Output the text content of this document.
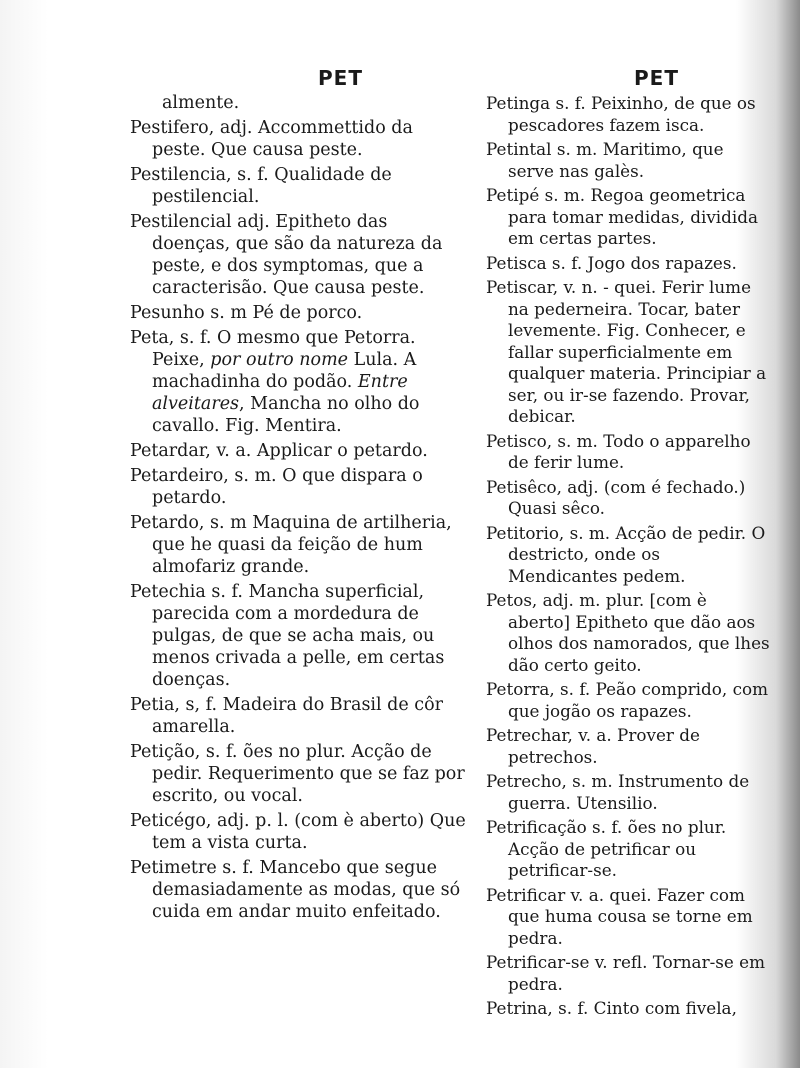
PET
almente.
Pestifero, adj. Accommettido da peste. Que causa peste.
Pestilencia, s. f. Qualidade de pestilencial.
Pestilencial adj. Epitheto das doenças, que são da natureza da peste, e dos symptomas, que a caracterisão. Que causa peste.
Pesunho s. m Pé de porco.
Peta, s. f. O mesmo que Petorra. Peixe, por outro nome Lula. A machadinha do podão. Entre alveitares, Mancha no olho do cavallo. Fig. Mentira.
Petardar, v. a. Applicar o petardo.
Petardeiro, s. m. O que dispara o petardo.
Petardo, s. m Maquina de artilheria, que he quasi da feição de hum almofariz grande.
Petechia s. f. Mancha superficial, parecida com a mordedura de pulgas, de que se acha mais, ou menos crivada a pelle, em certas doenças.
Petia, s, f. Madeira do Brasil de côr amarella.
Petição, s. f. ões no plur. Acção de pedir. Requerimento que se faz por escrito, ou vocal.
Peticégo, adj. p. l. (com è aberto) Que tem a vista curta.
Petimetre s. f. Mancebo que segue demasiadamente as modas, que só cuida em andar muito enfeitado.
PET
Petinga s. f. Peixinho, de que os pescadores fazem isca.
Petintal s. m. Maritimo, que serve nas galès.
Petipé s. m. Regoa geometrica para tomar medidas, dividida em certas partes.
Petisca s. f. Jogo dos rapazes.
Petiscar, v. n. - quei. Ferir lume na pederneira. Tocar, bater levemente. Fig. Conhecer, e fallar superficialmente em qualquer materia. Principiar a ser, ou ir-se fazendo. Provar, debicar.
Petisco, s. m. Todo o apparelho de ferir lume.
Petisêco, adj. (com é fechado.) Quasi sêco.
Petitorio, s. m. Acção de pedir. O destricto, onde os Mendicantes pedem.
Petos, adj. m. plur. [com è aberto] Epitheto que dão aos olhos dos namorados, que lhes dão certo geito.
Petorra, s. f. Peão comprido, com que jogão os rapazes.
Petrechar, v. a. Prover de petrechos.
Petrecho, s. m. Instrumento de guerra. Utensilio.
Petrificação s. f. ões no plur. Acção de petrificar ou petrificar-se.
Petrificar v. a. quei. Fazer com que huma cousa se torne em pedra.
Petrificar-se v. refl. Tornar-se em pedra.
Petrina, s. f. Cinto com fivela,
